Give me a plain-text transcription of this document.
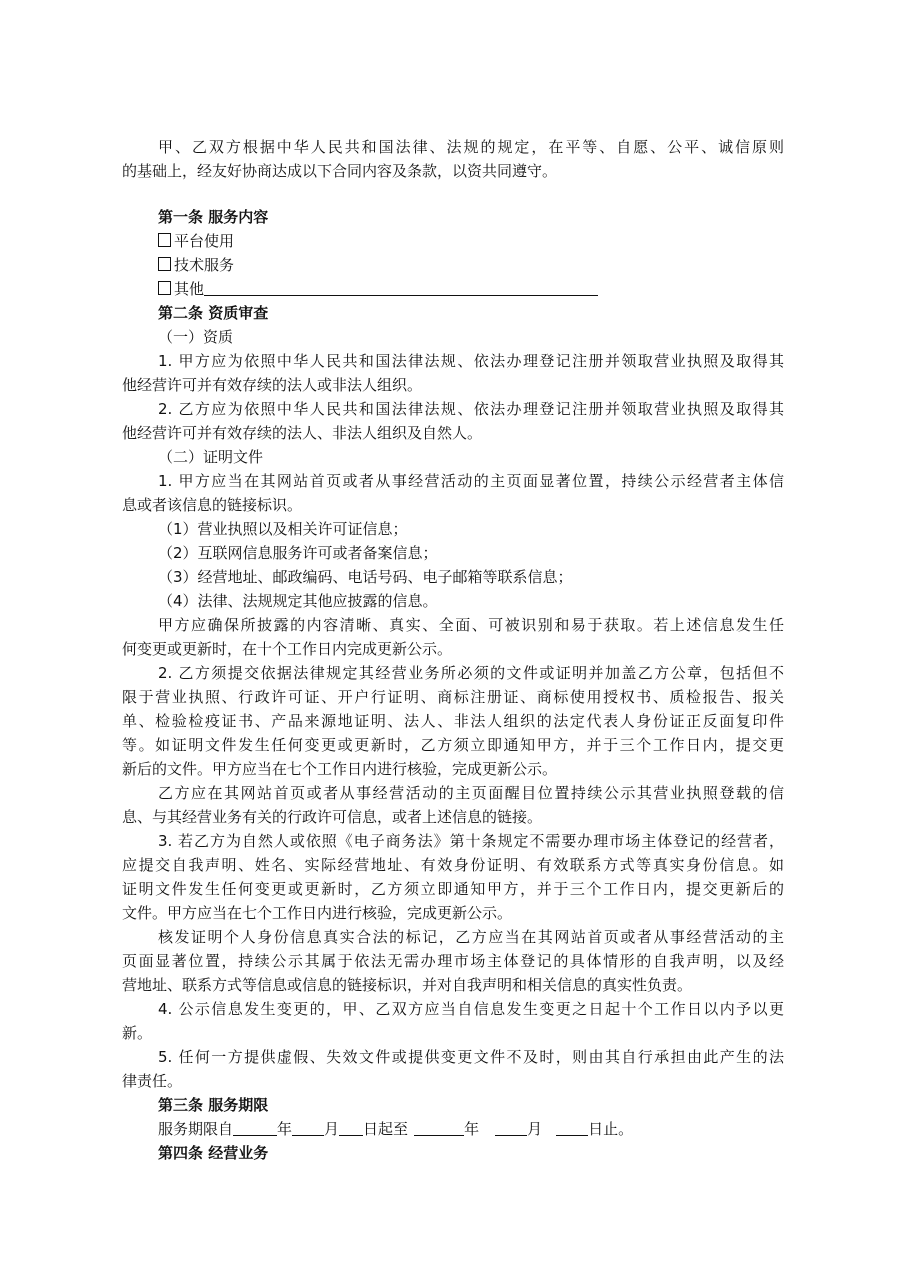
甲、乙双方根据中华人民共和国法律、法规的规定，在平等、自愿、公平、诚信原则
的基础上，经友好协商达成以下合同内容及条款，以资共同遵守。
第一条 服务内容
平台使用
技术服务
其他
第二条 资质审查
（一）资质
1. 甲方应为依照中华人民共和国法律法规、依法办理登记注册并领取营业执照及取得其
他经营许可并有效存续的法人或非法人组织。
2. 乙方应为依照中华人民共和国法律法规、依法办理登记注册并领取营业执照及取得其
他经营许可并有效存续的法人、非法人组织及自然人。
（二）证明文件
1. 甲方应当在其网站首页或者从事经营活动的主页面显著位置，持续公示经营者主体信
息或者该信息的链接标识。
（1）营业执照以及相关许可证信息；
（2）互联网信息服务许可或者备案信息；
（3）经营地址、邮政编码、电话号码、电子邮箱等联系信息；
（4）法律、法规规定其他应披露的信息。
甲方应确保所披露的内容清晰、真实、全面、可被识别和易于获取。若上述信息发生任
何变更或更新时，在十个工作日内完成更新公示。
2. 乙方须提交依据法律规定其经营业务所必须的文件或证明并加盖乙方公章，包括但不
限于营业执照、行政许可证、开户行证明、商标注册证、商标使用授权书、质检报告、报关
单、检验检疫证书、产品来源地证明、法人、非法人组织的法定代表人身份证正反面复印件
等。如证明文件发生任何变更或更新时，乙方须立即通知甲方，并于三个工作日内，提交更
新后的文件。甲方应当在七个工作日内进行核验，完成更新公示。
乙方应在其网站首页或者从事经营活动的主页面醒目位置持续公示其营业执照登载的信
息、与其经营业务有关的行政许可信息，或者上述信息的链接。
3. 若乙方为自然人或依照《电子商务法》第十条规定不需要办理市场主体登记的经营者，
应提交自我声明、姓名、实际经营地址、有效身份证明、有效联系方式等真实身份信息。如
证明文件发生任何变更或更新时，乙方须立即通知甲方，并于三个工作日内，提交更新后的
文件。甲方应当在七个工作日内进行核验，完成更新公示。
核发证明个人身份信息真实合法的标记，乙方应当在其网站首页或者从事经营活动的主
页面显著位置，持续公示其属于依法无需办理市场主体登记的具体情形的自我声明，以及经
营地址、联系方式等信息或信息的链接标识，并对自我声明和相关信息的真实性负责。
4. 公示信息发生变更的，甲、乙双方应当自信息发生变更之日起十个工作日以内予以更
新。
5. 任何一方提供虚假、失效文件或提供变更文件不及时，则由其自行承担由此产生的法
律责任。
第三条 服务期限
服务期限自	年 月 日起至	年	月	日止。
第四条 经营业务
